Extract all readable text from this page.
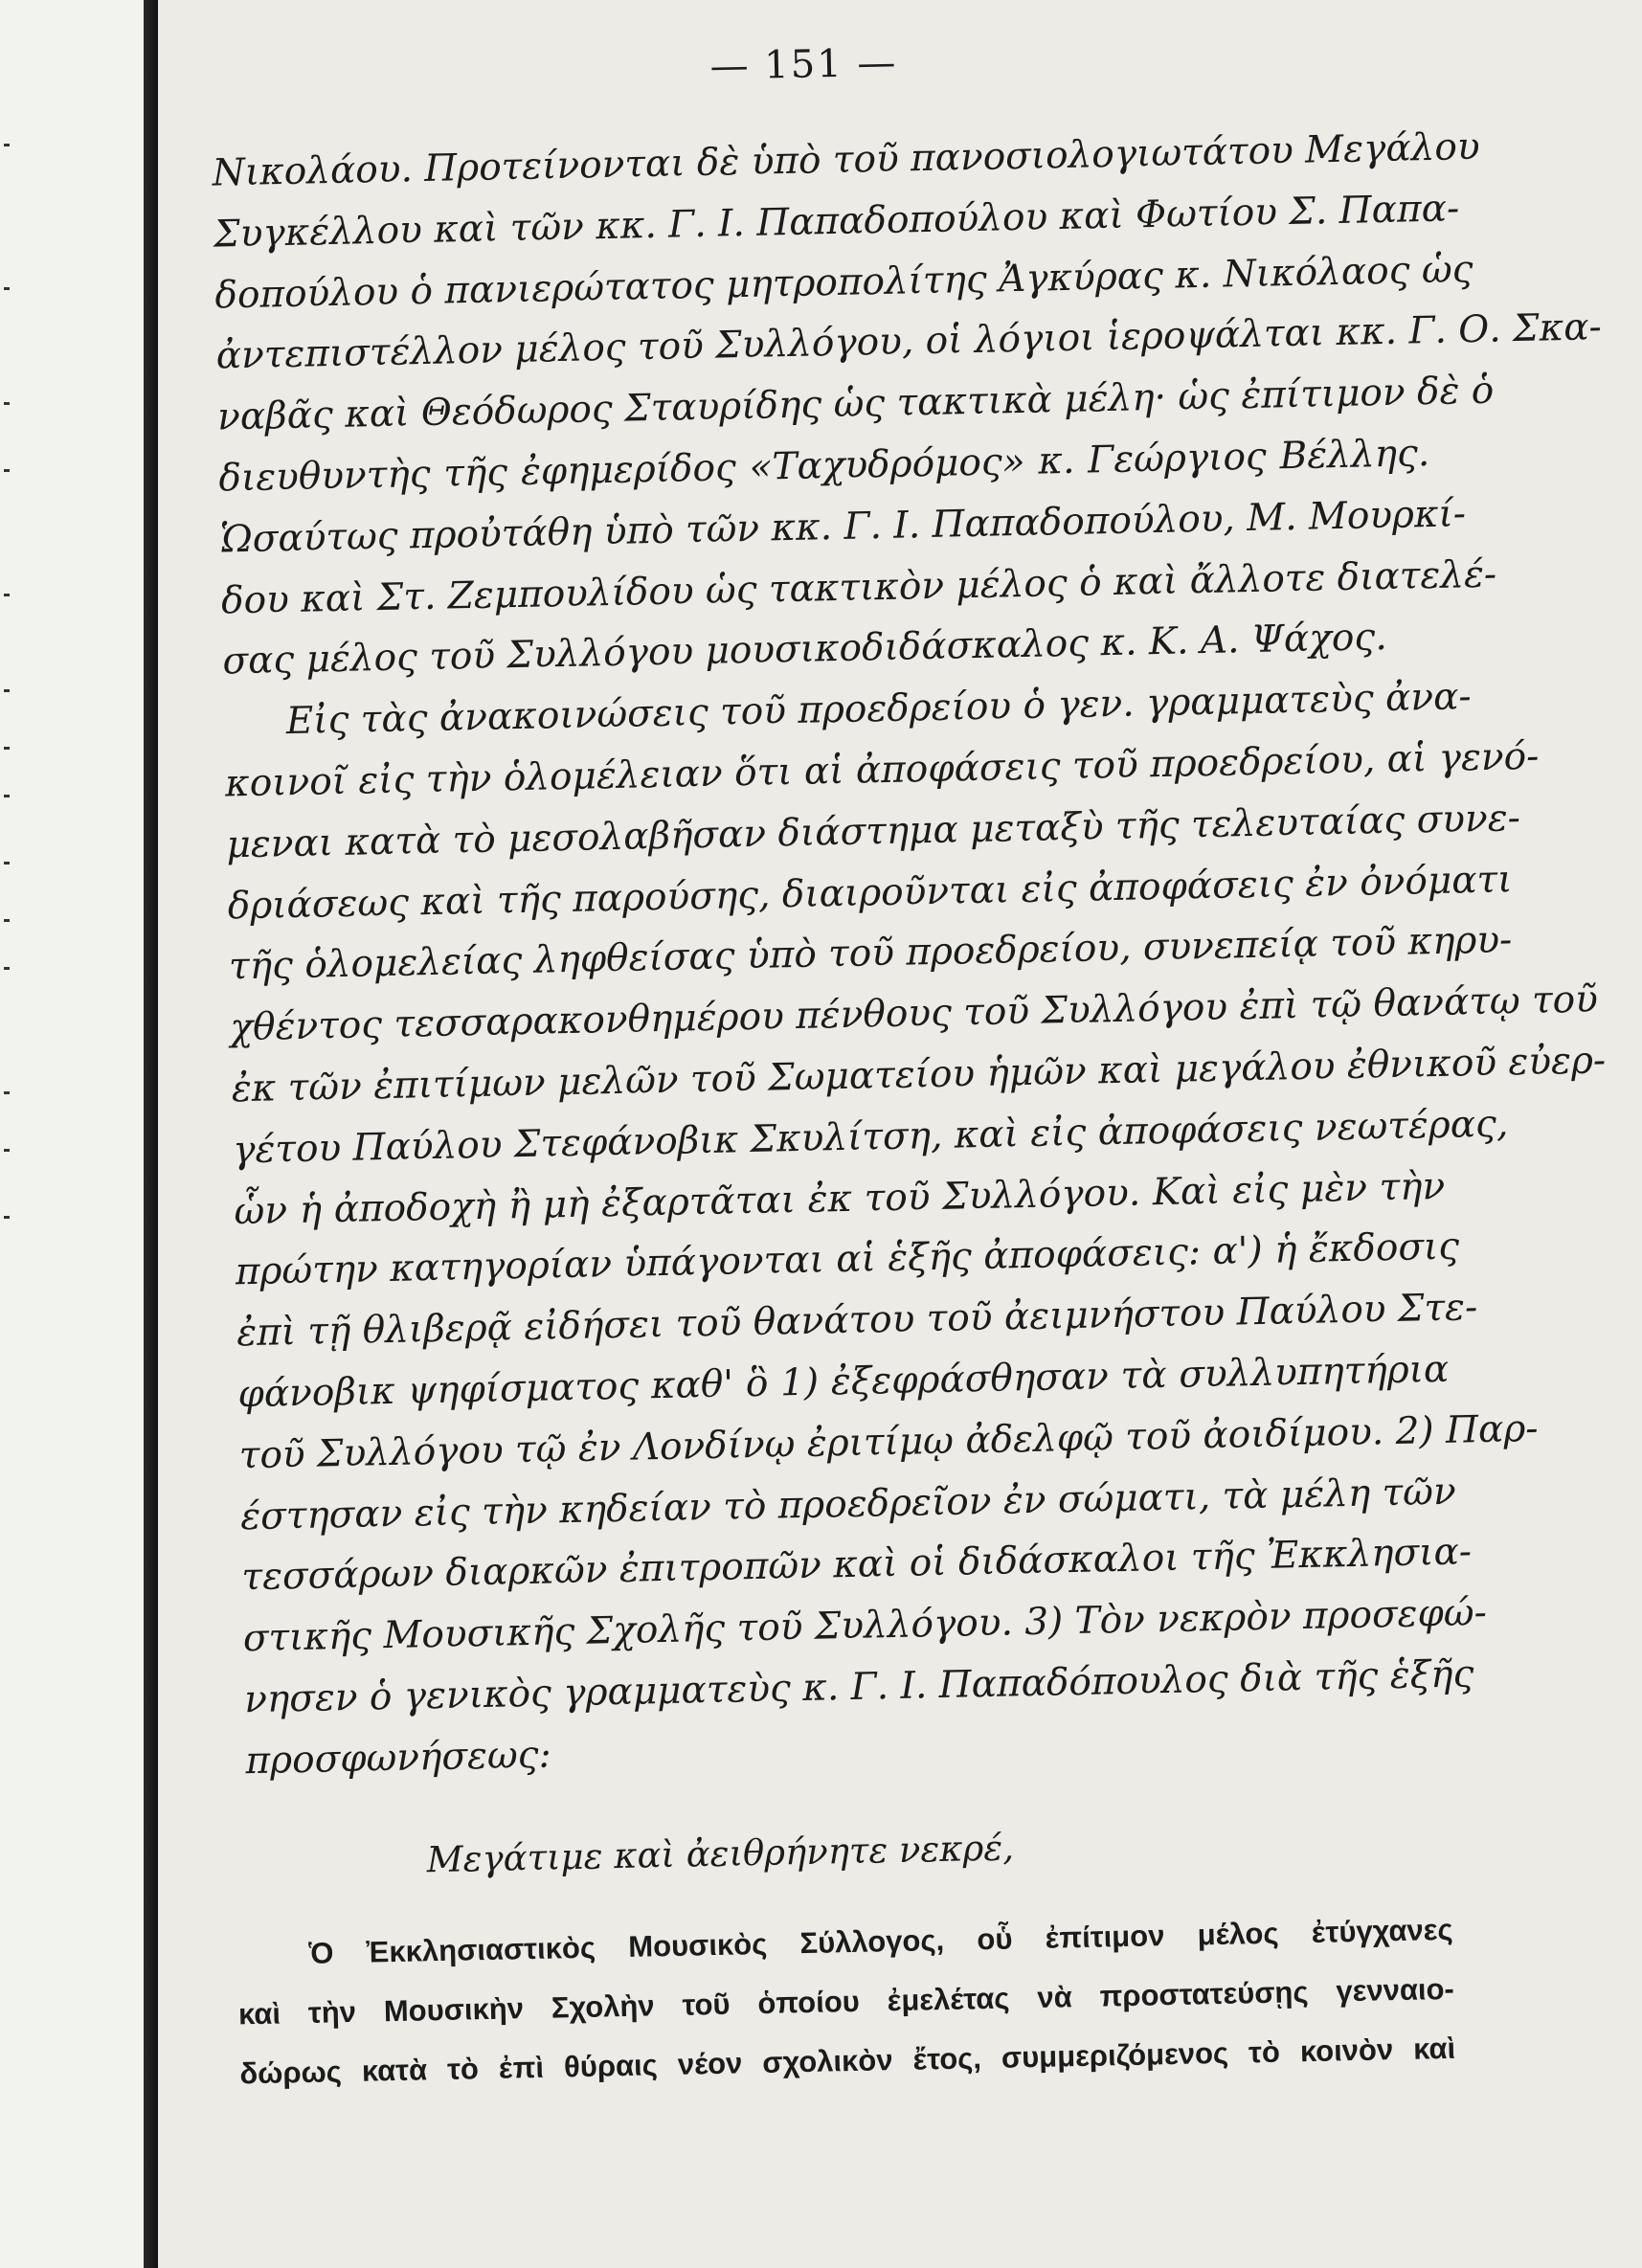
— 151 —
Νικολάου. Προτείνονται δὲ ὑπὸ τοῦ πανοσιολογιωτάτου Μεγάλου
Συγκέλλου καὶ τῶν κκ. Γ. Ι. Παπαδοπούλου καὶ Φωτίου Σ. Παπα-
δοπούλου ὁ πανιερώτατος μητροπολίτης Ἀγκύρας κ. Νικόλαος ὡς
ἀντεπιστέλλον μέλος τοῦ Συλλόγου, οἱ λόγιοι ἱεροψάλται κκ. Γ. Ο. Σκα-
ναβᾶς καὶ Θεόδωρος Σταυρίδης ὡς τακτικὰ μέλη· ὡς ἐπίτιμον δὲ ὁ
διευθυντὴς τῆς ἐφημερίδος «Ταχυδρόμος» κ. Γεώργιος Βέλλης.
Ὡσαύτως προὐτάθη ὑπὸ τῶν κκ. Γ. Ι. Παπαδοπούλου, Μ. Μουρκί-
δου καὶ Στ. Ζεμπουλίδου ὡς τακτικὸν μέλος ὁ καὶ ἄλλοτε διατελέ-
σας μέλος τοῦ Συλλόγου μουσικοδιδάσκαλος κ. Κ. Α. Ψάχος.
Εἰς τὰς ἀνακοινώσεις τοῦ προεδρείου ὁ γεν. γραμματεὺς ἀνα-
κοινοῖ εἰς τὴν ὁλομέλειαν ὅτι αἱ ἀποφάσεις τοῦ προεδρείου, αἱ γενό-
μεναι κατὰ τὸ μεσολαβῆσαν διάστημα μεταξὺ τῆς τελευταίας συνε-
δριάσεως καὶ τῆς παρούσης, διαιροῦνται εἰς ἀποφάσεις ἐν ὀνόματι
τῆς ὁλομελείας ληφθείσας ὑπὸ τοῦ προεδρείου, συνεπείᾳ τοῦ κηρυ-
χθέντος τεσσαρακονθημέρου πένθους τοῦ Συλλόγου ἐπὶ τῷ θανάτῳ τοῦ
ἐκ τῶν ἐπιτίμων μελῶν τοῦ Σωματείου ἡμῶν καὶ μεγάλου ἐθνικοῦ εὐερ-
γέτου Παύλου Στεφάνοβικ Σκυλίτση, καὶ εἰς ἀποφάσεις νεωτέρας,
ὧν ἡ ἀποδοχὴ ἢ μὴ ἐξαρτᾶται ἐκ τοῦ Συλλόγου. Καὶ εἰς μὲν τὴν
πρώτην κατηγορίαν ὑπάγονται αἱ ἑξῆς ἀποφάσεις: α') ἡ ἔκδοσις
ἐπὶ τῇ θλιβερᾷ εἰδήσει τοῦ θανάτου τοῦ ἀειμνήστου Παύλου Στε-
φάνοβικ ψηφίσματος καθ' ὃ 1) ἐξεφράσθησαν τὰ συλλυπητήρια
τοῦ Συλλόγου τῷ ἐν Λονδίνῳ ἐριτίμῳ ἀδελφῷ τοῦ ἀοιδίμου. 2) Παρ-
έστησαν εἰς τὴν κηδείαν τὸ προεδρεῖον ἐν σώματι, τὰ μέλη τῶν
τεσσάρων διαρκῶν ἐπιτροπῶν καὶ οἱ διδάσκαλοι τῆς Ἐκκλησια-
στικῆς Μουσικῆς Σχολῆς τοῦ Συλλόγου. 3) Τὸν νεκρὸν προσεφώ-
νησεν ὁ γενικὸς γραμματεὺς κ. Γ. Ι. Παπαδόπουλος διὰ τῆς ἑξῆς
προσφωνήσεως:
Μεγάτιμε καὶ ἀειθρήνητε νεκρέ,
Ὁ Ἐκκλησιαστικὸς Μουσικὸς Σύλλογος, οὗ ἐπίτιμον μέλος ἐτύγχανες
καὶ τὴν Μουσικὴν Σχολὴν τοῦ ὁποίου ἐμελέτας νὰ προστατεύσῃς γενναιο-
δώρως κατὰ τὸ ἐπὶ θύραις νέον σχολικὸν ἔτος, συμμεριζόμενος τὸ κοινὸν καὶ
